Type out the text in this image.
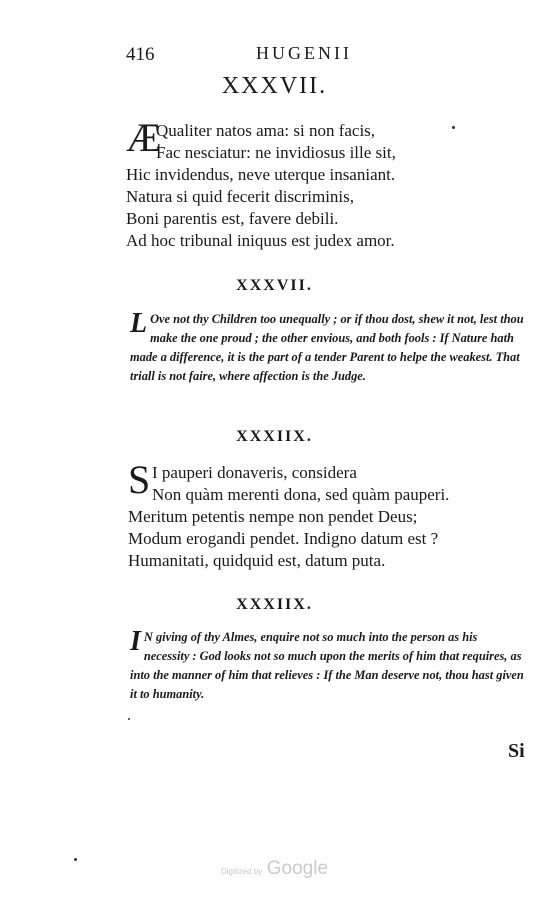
416	HUGENII
XXXVII.
Æ
Qualiter natos ama: si non facis,
Fac nesciatur: ne invidiosus ille sit,
Hic invidendus, neve uterque insaniant.
Natura si quid fecerit discriminis,
Boni parentis est, favere debili.
Ad hoc tribunal iniquus est judex amor.
XXXVII.
L Ove not thy Children too unequally ; or if thou dost, shew it not, lest thou make the one proud ; the other envious, and both fools : If Nature hath made a difference, it is the part of a tender Parent to helpe the weakest. That triall is not faire, where affection is the Judge.
XXXIIX.
S I pauperi donaveris, considera
Non quàm merenti dona, sed quàm pauperi.
Meritum petentis nempe non pendet Deus;
Modum erogandi pendet. Indigno datum est ?
Humanitati, quidquid est, datum puta.
XXXIIX.
I N giving of thy Almes, enquire not so much into the person as his necessity : God looks not so much upon the merits of him that requires, as into the manner of him that relieves : If the Man deserve not, thou hast given it to humanity.
Si
Digitized by Google
